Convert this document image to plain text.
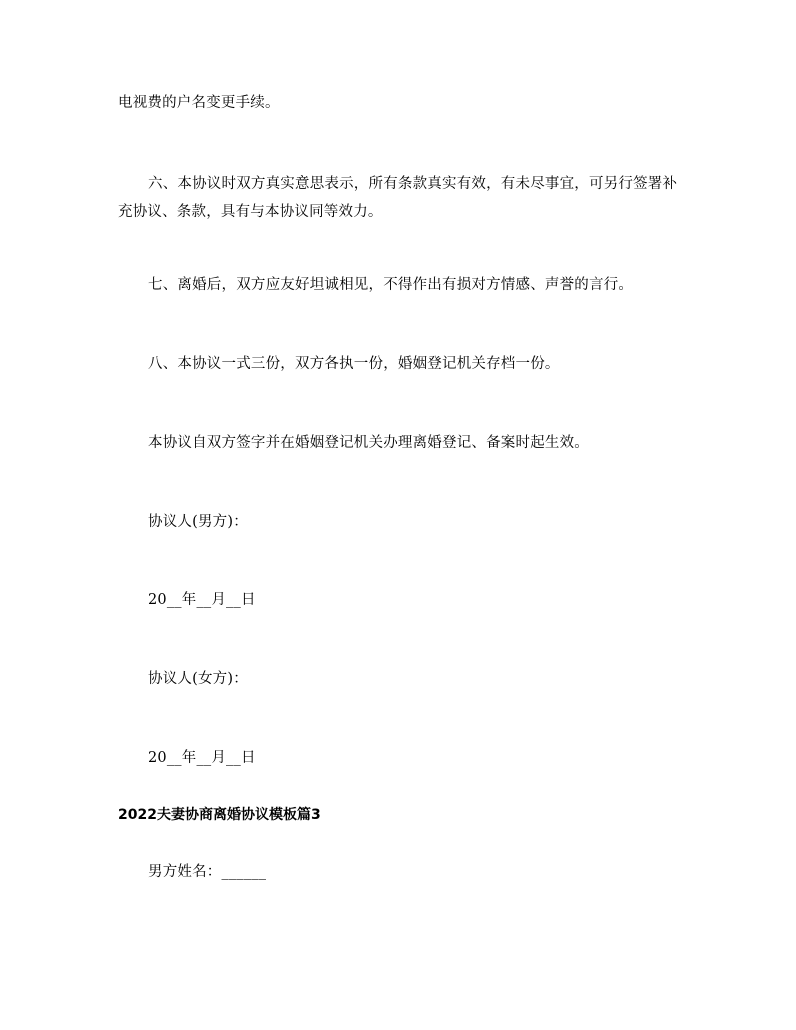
电视费的户名变更手续。
六、本协议时双方真实意思表示，所有条款真实有效，有未尽事宜，可另行签署补充协议、条款，具有与本协议同等效力。
七、离婚后，双方应友好坦诚相见，不得作出有损对方情感、声誉的言行。
八、本协议一式三份，双方各执一份，婚姻登记机关存档一份。
本协议自双方签字并在婚姻登记机关办理离婚登记、备案时起生效。
协议人(男方)：
20__年__月__日
协议人(女方)：
20__年__月__日
2022夫妻协商离婚协议模板篇3
男方姓名：______
